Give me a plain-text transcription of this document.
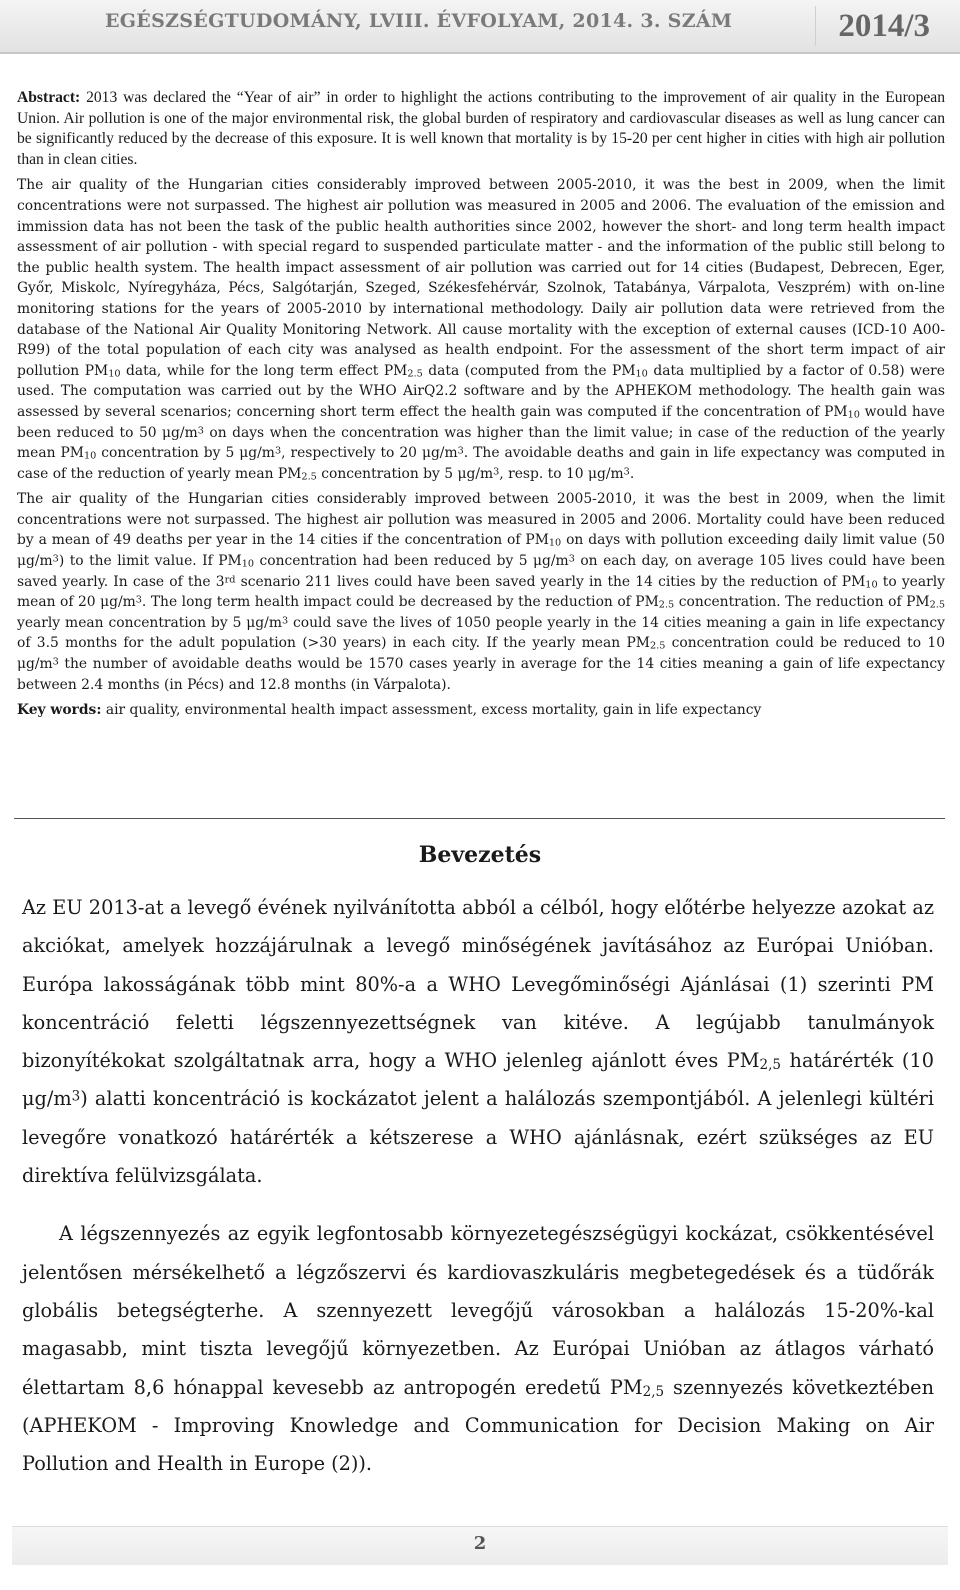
EGÉSZSÉGTUDOMÁNY, LVIII. ÉVFOLYAM, 2014. 3. SZÁM	2014/3

Abstract: 2013 was declared the “Year of air” in order to highlight the actions contributing to the improvement of air quality in the European Union. Air pollution is one of the major environmental risk, the global burden of respiratory and cardiovascular diseases as well as lung cancer can be significantly reduced by the decrease of this exposure. It is well known that mortality is by 15-20 per cent higher in cities with high air pollution than in clean cities.

The air quality of the Hungarian cities considerably improved between 2005-2010, it was the best in 2009, when the limit concentrations were not surpassed. The highest air pollution was measured in 2005 and 2006. The evaluation of the emission and immission data has not been the task of the public health authorities since 2002, however the short- and long term health impact assessment of air pollution - with special regard to suspended particulate matter - and the information of the public still belong to the public health system. The health impact assessment of air pollution was carried out for 14 cities (Budapest, Debrecen, Eger, Győr, Miskolc, Nyíregyháza, Pécs, Salgótarján, Szeged, Székesfehérvár, Szolnok, Tatabánya, Várpalota, Veszprém) with on-line monitoring stations for the years of 2005-2010 by international methodology. Daily air pollution data were retrieved from the database of the National Air Quality Monitoring Network. All cause mortality with the exception of external causes (ICD-10 A00-R99) of the total population of each city was analysed as health endpoint. For the assessment of the short term impact of air pollution $PM_{10}$ data, while for the long term effect $PM_{2.5}$ data (computed from the $PM_{10}$ data multiplied by a factor of 0.58) were used. The computation was carried out by the WHO AirQ2.2 software and by the APHEKOM methodology. The health gain was assessed by several scenarios; concerning short term effect the health gain was computed if the concentration of $PM_{10}$ would have been reduced to 50 $\mu g/m^3$ on days when the concentration was higher than the limit value; in case of the reduction of the yearly mean $PM_{10}$ concentration by 5 $\mu g/m^3$, respectively to 20 $\mu g/m^3$. The avoidable deaths and gain in life expectancy was computed in case of the reduction of yearly mean $PM_{2.5}$ concentration by 5 $\mu g/m^3$, resp. to 10 $\mu g/m^3$.

The air quality of the Hungarian cities considerably improved between 2005-2010, it was the best in 2009, when the limit concentrations were not surpassed. The highest air pollution was measured in 2005 and 2006. Mortality could have been reduced by a mean of 49 deaths per year in the 14 cities if the concentration of $PM_{10}$ on days with pollution exceeding daily limit value (50 $\mu g/m^3$) to the limit value. If $PM_{10}$ concentration had been reduced by 5 $\mu g/m^3$ on each day, on average 105 lives could have been saved yearly. In case of the 3rd scenario 211 lives could have been saved yearly in the 14 cities by the reduction of $PM_{10}$ to yearly mean of 20 $\mu g/m^3$. The long term health impact could be decreased by the reduction of $PM_{2.5}$ concentration. The reduction of $PM_{2.5}$ yearly mean concentration by 5 $\mu g/m^3$ could save the lives of 1050 people yearly in the 14 cities meaning a gain in life expectancy of 3.5 months for the adult population (>30 years) in each city. If the yearly mean $PM_{2.5}$ concentration could be reduced to 10 $\mu g/m^3$ the number of avoidable deaths would be 1570 cases yearly in average for the 14 cities meaning a gain of life expectancy between 2.4 months (in Pécs) and 12.8 months (in Várpalota).

Key words: air quality, environmental health impact assessment, excess mortality, gain in life expectancy

Bevezetés

Az EU 2013-at a levegő évének nyilvánította abból a célból, hogy előtérbe helyezze azokat az akciókat, amelyek hozzájárulnak a levegő minőségének javításához az Európai Unióban. Európa lakosságának több mint 80%-a a WHO Levegőminőségi Ajánlásai (1) szerinti PM koncentráció feletti légszennyezettségnek van kitéve. A legújabb tanulmányok bizonyítékokat szolgáltatnak arra, hogy a WHO jelenleg ajánlott éves $PM_{2,5}$ határérték (10 $\mu g/m^3$) alatti koncentráció is kockázatot jelent a halálozás szempontjából. A jelenlegi kültéri levegőre vonatkozó határérték a kétszerese a WHO ajánlásnak, ezért szükséges az EU direktíva felülvizsgálata.

A légszennyezés az egyik legfontosabb környezetegészségügyi kockázat, csökkentésével jelentősen mérsékelhető a légzőszervi és kardiovaszkuláris megbetegedések és a tüdőrák globális betegségterhe. A szennyezett levegőjű városokban a halálozás 15-20%-kal magasabb, mint tiszta levegőjű környezetben. Az Európai Unióban az átlagos várható élettartam 8,6 hónappal kevesebb az antropogén eredetű $PM_{2,5}$ szennyezés következtében (APHEKOM - Improving Knowledge and Communication for Decision Making on Air Pollution and Health in Europe (2)).

2
